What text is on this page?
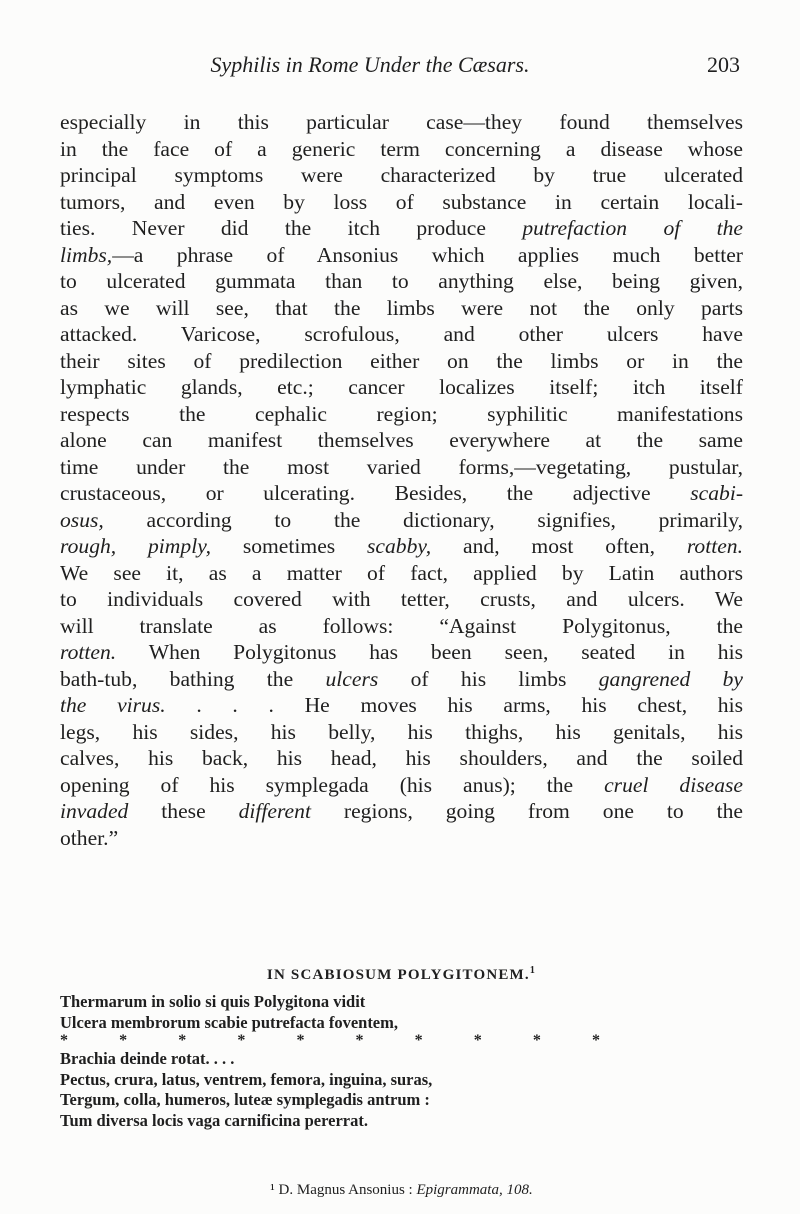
Syphilis in Rome Under the Cæsars.	203
especially in this particular case—they found themselves
in the face of a generic term concerning a disease whose
principal symptoms were characterized by true ulcerated
tumors, and even by loss of substance in certain locali-
ties. Never did the itch produce putrefaction of the
limbs,—a phrase of Ansonius which applies much better
to ulcerated gummata than to anything else, being given,
as we will see, that the limbs were not the only parts
attacked. Varicose, scrofulous, and other ulcers have
their sites of predilection either on the limbs or in the
lymphatic glands, etc.; cancer localizes itself; itch itself
respects the cephalic region; syphilitic manifestations
alone can manifest themselves everywhere at the same
time under the most varied forms,—vegetating, pustular,
crustaceous, or ulcerating. Besides, the adjective scabi-
osus, according to the dictionary, signifies, primarily,
rough, pimply, sometimes scabby, and, most often, rotten.
We see it, as a matter of fact, applied by Latin authors
to individuals covered with tetter, crusts, and ulcers. We
will translate as follows: “Against Polygitonus, the
rotten. When Polygitonus has been seen, seated in his
bath-tub, bathing the ulcers of his limbs gangrened by
the virus. . . . He moves his arms, his chest, his
legs, his sides, his belly, his thighs, his genitals, his
calves, his back, his head, his shoulders, and the soiled
opening of his symplegada (his anus); the cruel disease
invaded these different regions, going from one to the
other.”
IN SCABIOSUM POLYGITONEM.$^1$
Thermarum in solio si quis Polygitona vidit
Ulcera membrorum scabie putrefacta foventem,
*	*	*	*	*	*	*	*	*	*
Brachia deinde rotat. . . .
Pectus, crura, latus, ventrem, femora, inguina, suras,
Tergum, colla, humeros, luteæ symplegadis antrum :
Tum diversa locis vaga carnificina pererrat.
¹ D. Magnus Ansonius : Epigrammata, 108.
